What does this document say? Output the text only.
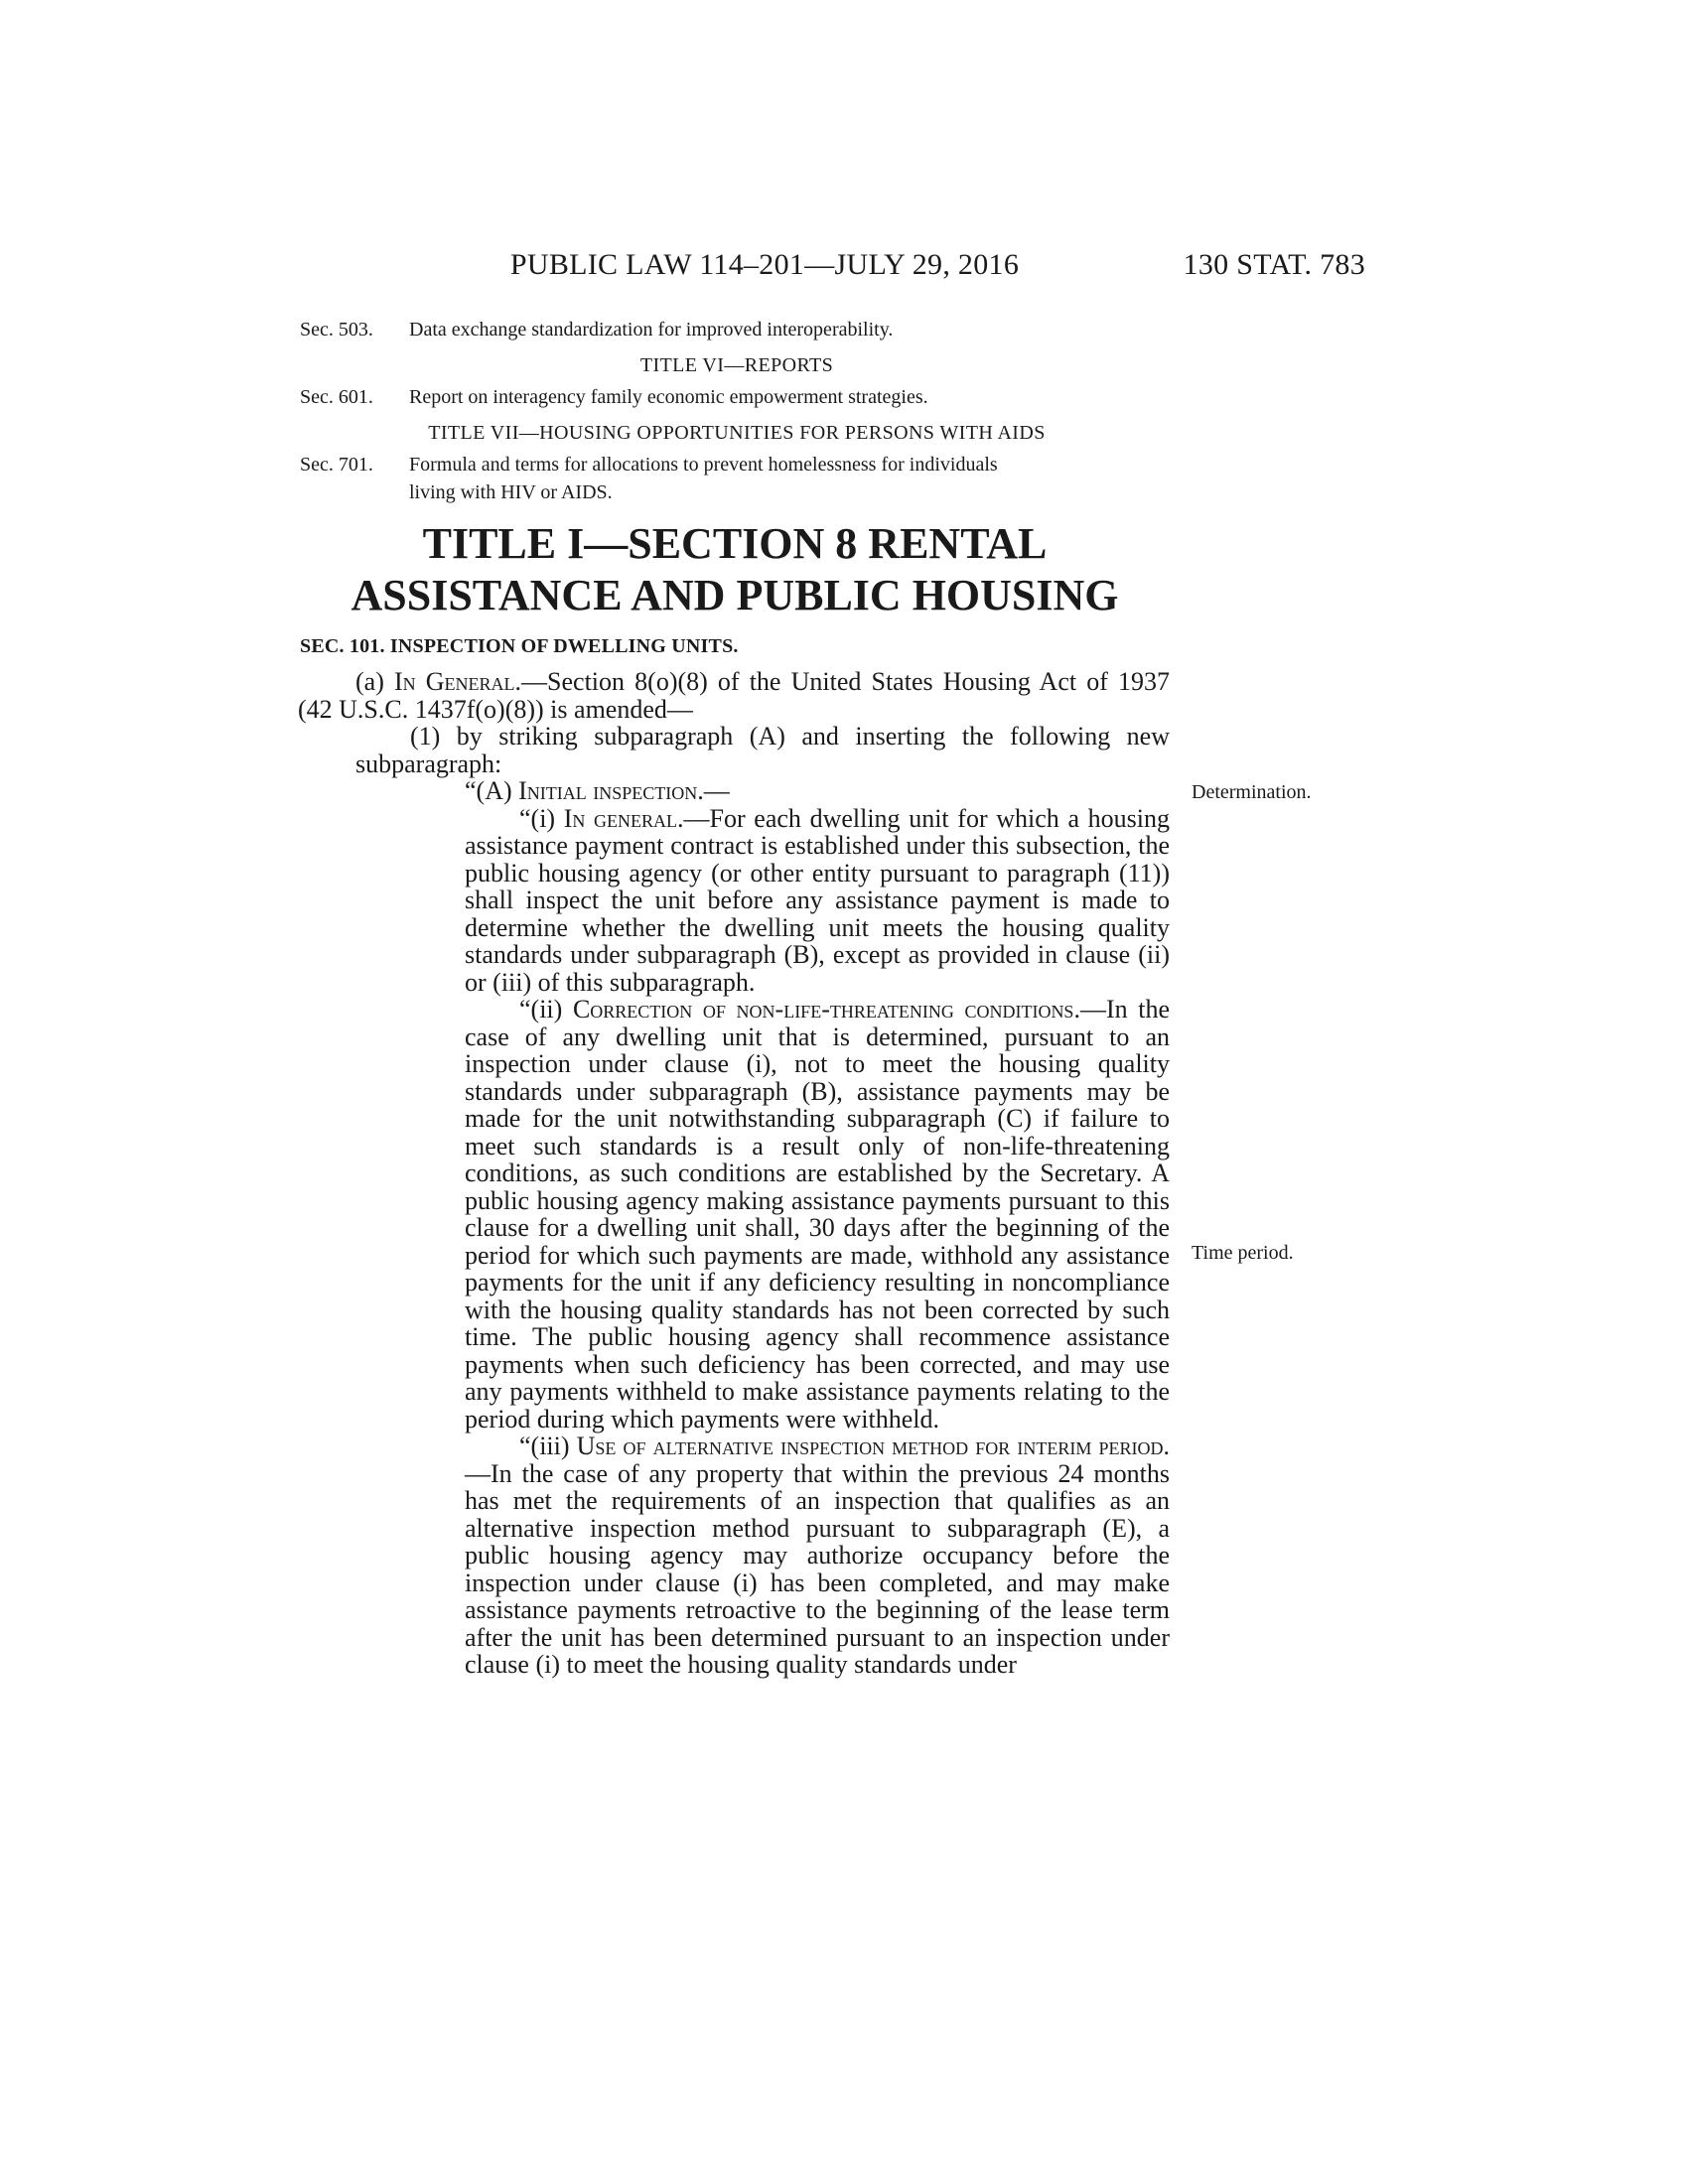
PUBLIC LAW 114–201—JULY 29, 2016	130 STAT. 783
Sec. 503.	Data exchange standardization for improved interoperability.
TITLE VI—REPORTS
Sec. 601.	Report on interagency family economic empowerment strategies.
TITLE VII—HOUSING OPPORTUNITIES FOR PERSONS WITH AIDS
Sec. 701.	Formula and terms for allocations to prevent homelessness for individuals
living with HIV or AIDS.
TITLE I—SECTION 8 RENTAL
ASSISTANCE AND PUBLIC HOUSING
SEC. 101. INSPECTION OF DWELLING UNITS.

(a) In General.—Section 8(o)(8) of the United States Housing Act of 1937 (42 U.S.C. 1437f(o)(8)) is amended—

(1) by striking subparagraph (A) and inserting the following new subparagraph:

“(A) Initial inspection.—

“(i) In general.—For each dwelling unit for which a housing assistance payment contract is established under this subsection, the public housing agency (or other entity pursuant to paragraph (11)) shall inspect the unit before any assistance payment is made to determine whether the dwelling unit meets the housing quality standards under subparagraph (B), except as provided in clause (ii) or (iii) of this subparagraph.

“(ii) Correction of non-life-threatening conditions.—In the case of any dwelling unit that is determined, pursuant to an inspection under clause (i), not to meet the housing quality standards under subparagraph (B), assistance payments may be made for the unit notwithstanding subparagraph (C) if failure to meet such standards is a result only of non-life-threatening conditions, as such conditions are established by the Secretary. A public housing agency making assistance payments pursuant to this clause for a dwelling unit shall, 30 days after the beginning of the period for which such payments are made, withhold any assistance payments for the unit if any deficiency resulting in noncompliance with the housing quality standards has not been corrected by such time. The public housing agency shall recommence assistance payments when such deficiency has been corrected, and may use any payments withheld to make assistance payments relating to the period during which payments were withheld.

“(iii) Use of alternative inspection method for interim period.—In the case of any property that within the previous 24 months has met the requirements of an inspection that qualifies as an alternative inspection method pursuant to subparagraph (E), a public housing agency may authorize occupancy before the inspection under clause (i) has been completed, and may make assistance payments retroactive to the beginning of the lease term after the unit has been determined pursuant to an inspection under clause (i) to meet the housing quality standards under

Determination.
Time period.
